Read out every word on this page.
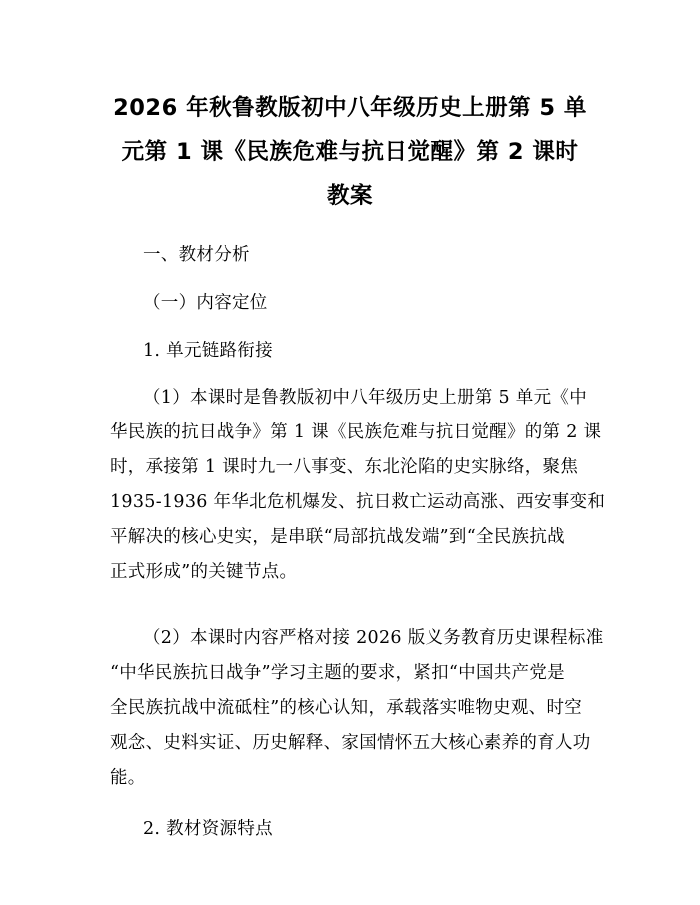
2026 年秋鲁教版初中八年级历史上册第 5 单
元第 1 课《民族危难与抗日觉醒》第 2 课时
教案

一、教材分析

（一）内容定位

1. 单元链路衔接

（1）本课时是鲁教版初中八年级历史上册第 5 单元《中

华民族的抗日战争》第 1 课《民族危难与抗日觉醒》的第 2 课

时，承接第 1 课时九一八事变、东北沦陷的史实脉络，聚焦

1935-1936 年华北危机爆发、抗日救亡运动高涨、西安事变和

平解决的核心史实，是串联“局部抗战发端”到“全民族抗战

正式形成”的关键节点。

（2）本课时内容严格对接 2026 版义务教育历史课程标准

“中华民族抗日战争”学习主题的要求，紧扣“中国共产党是

全民族抗战中流砥柱”的核心认知，承载落实唯物史观、时空

观念、史料实证、历史解释、家国情怀五大核心素养的育人功

能。

2. 教材资源特点
